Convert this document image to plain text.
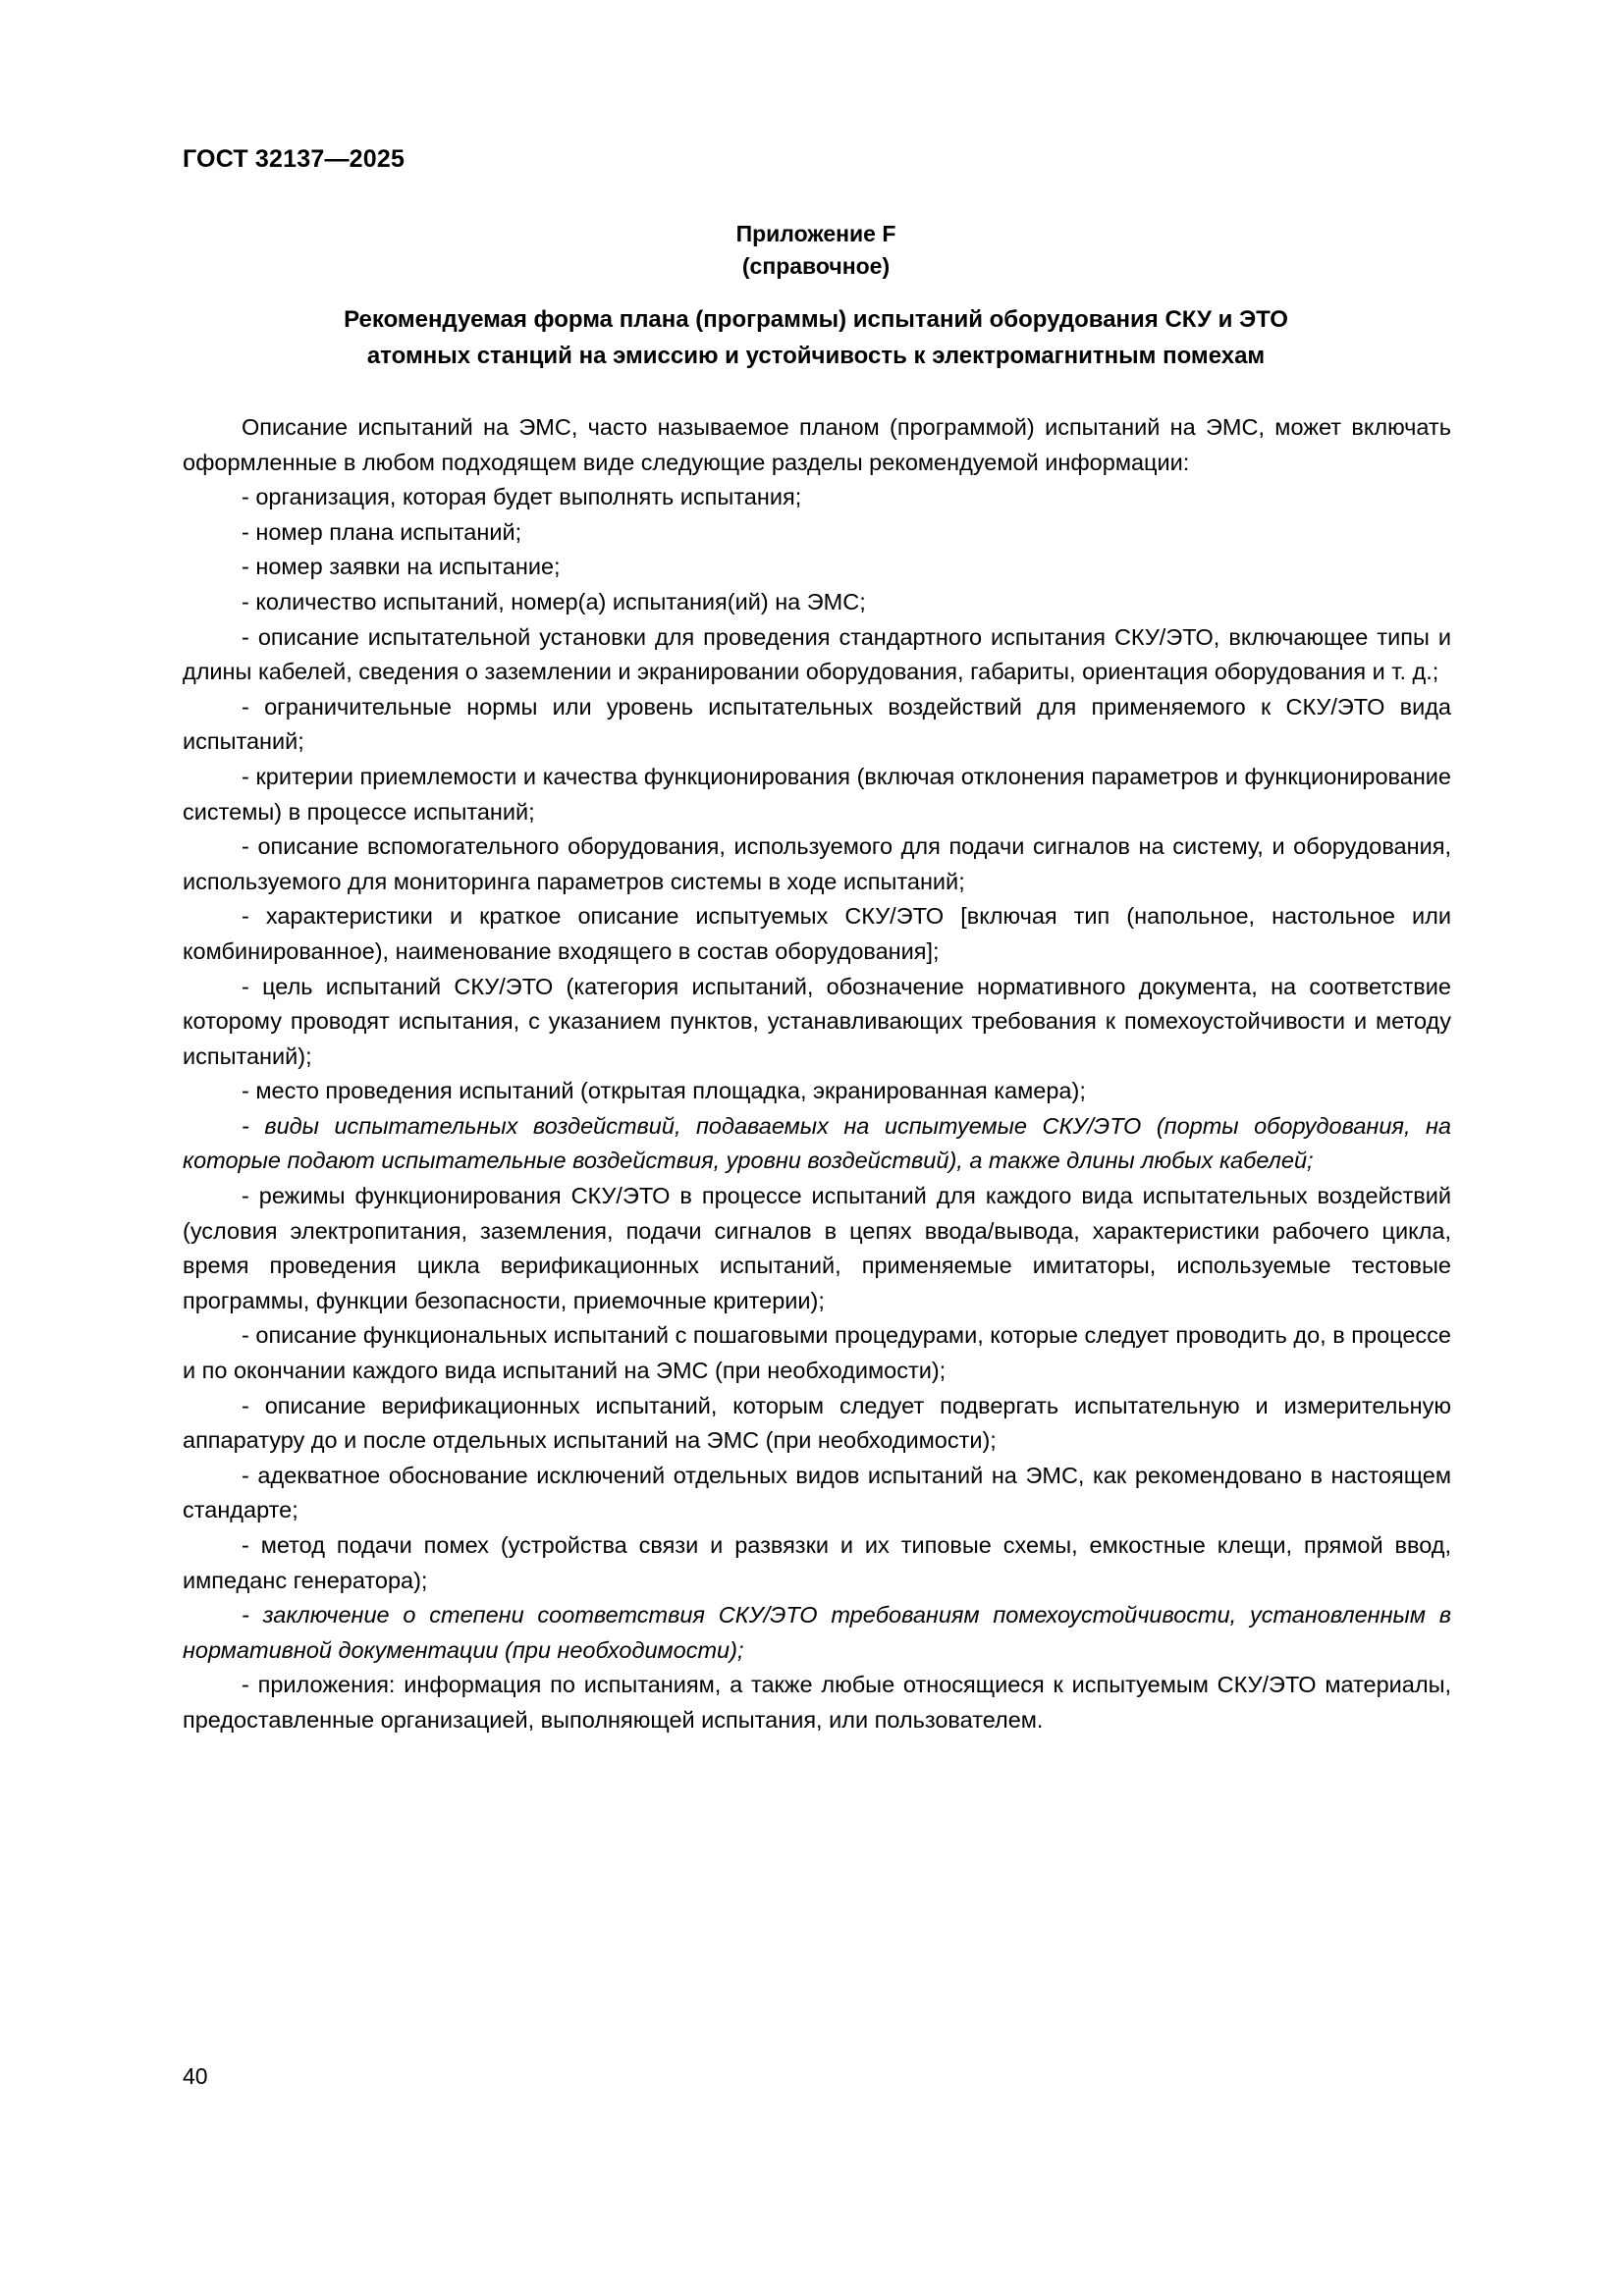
ГОСТ 32137—2025
Приложение F
(справочное)
Рекомендуемая форма плана (программы) испытаний оборудования СКУ и ЭТО
атомных станций на эмиссию и устойчивость к электромагнитным помехам

Описание испытаний на ЭМС, часто называемое планом (программой) испытаний на ЭМС, может включать оформленные в любом подходящем виде следующие разделы рекомендуемой информации:

- организация, которая будет выполнять испытания;

- номер плана испытаний;

- номер заявки на испытание;

- количество испытаний, номер(а) испытания(ий) на ЭМС;

- описание испытательной установки для проведения стандартного испытания СКУ/ЭТО, включающее типы и длины кабелей, сведения о заземлении и экранировании оборудования, габариты, ориентация оборудования и т. д.;

- ограничительные нормы или уровень испытательных воздействий для применяемого к СКУ/ЭТО вида испытаний;

- критерии приемлемости и качества функционирования (включая отклонения параметров и функционирование системы) в процессе испытаний;

- описание вспомогательного оборудования, используемого для подачи сигналов на систему, и оборудования, используемого для мониторинга параметров системы в ходе испытаний;

- характеристики и краткое описание испытуемых СКУ/ЭТО [включая тип (напольное, настольное или комбинированное), наименование входящего в состав оборудования];

- цель испытаний СКУ/ЭТО (категория испытаний, обозначение нормативного документа, на соответствие которому проводят испытания, с указанием пунктов, устанавливающих требования к помехоустойчивости и методу испытаний);

- место проведения испытаний (открытая площадка, экранированная камера);

- виды испытательных воздействий, подаваемых на испытуемые СКУ/ЭТО (порты оборудования, на которые подают испытательные воздействия, уровни воздействий), а также длины любых кабелей;

- режимы функционирования СКУ/ЭТО в процессе испытаний для каждого вида испытательных воздействий (условия электропитания, заземления, подачи сигналов в цепях ввода/вывода, характеристики рабочего цикла, время проведения цикла верификационных испытаний, применяемые имитаторы, используемые тестовые программы, функции безопасности, приемочные критерии);

- описание функциональных испытаний с пошаговыми процедурами, которые следует проводить до, в процессе и по окончании каждого вида испытаний на ЭМС (при необходимости);

- описание верификационных испытаний, которым следует подвергать испытательную и измерительную аппаратуру до и после отдельных испытаний на ЭМС (при необходимости);

- адекватное обоснование исключений отдельных видов испытаний на ЭМС, как рекомендовано в настоящем стандарте;

- метод подачи помех (устройства связи и развязки и их типовые схемы, емкостные клещи, прямой ввод, импеданс генератора);

- заключение о степени соответствия СКУ/ЭТО требованиям помехоустойчивости, установленным в нормативной документации (при необходимости);

- приложения: информация по испытаниям, а также любые относящиеся к испытуемым СКУ/ЭТО материалы, предоставленные организацией, выполняющей испытания, или пользователем.

40
